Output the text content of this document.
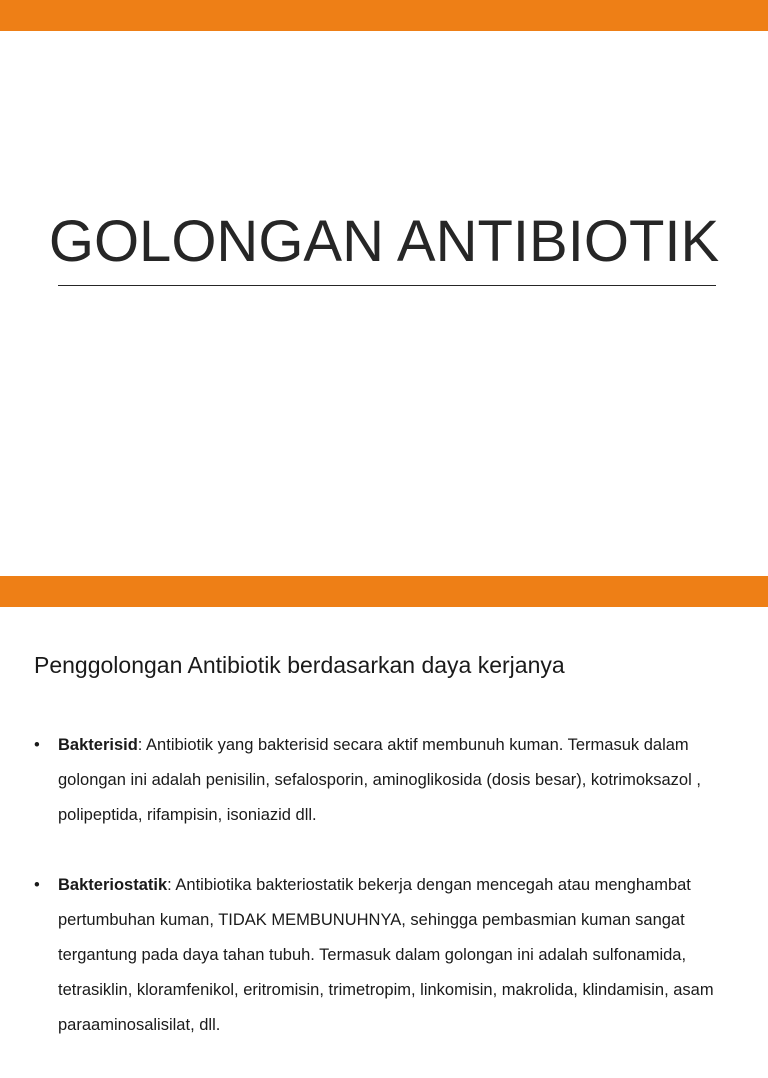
GOLONGAN ANTIBIOTIK

Penggolongan Antibiotik berdasarkan daya kerjanya

• Bakterisid: Antibiotik yang bakterisid secara aktif membunuh kuman. Termasuk dalam golongan ini adalah penisilin, sefalosporin, aminoglikosida (dosis besar), kotrimoksazol , polipeptida, rifampisin, isoniazid dll.
• Bakteriostatik: Antibiotika bakteriostatik bekerja dengan mencegah atau menghambat pertumbuhan kuman, TIDAK MEMBUNUHNYA, sehingga pembasmian kuman sangat tergantung pada daya tahan tubuh. Termasuk dalam golongan ini adalah sulfonamida, tetrasiklin, kloramfenikol, eritromisin, trimetropim, linkomisin, makrolida, klindamisin, asam paraaminosalisilat, dll.
